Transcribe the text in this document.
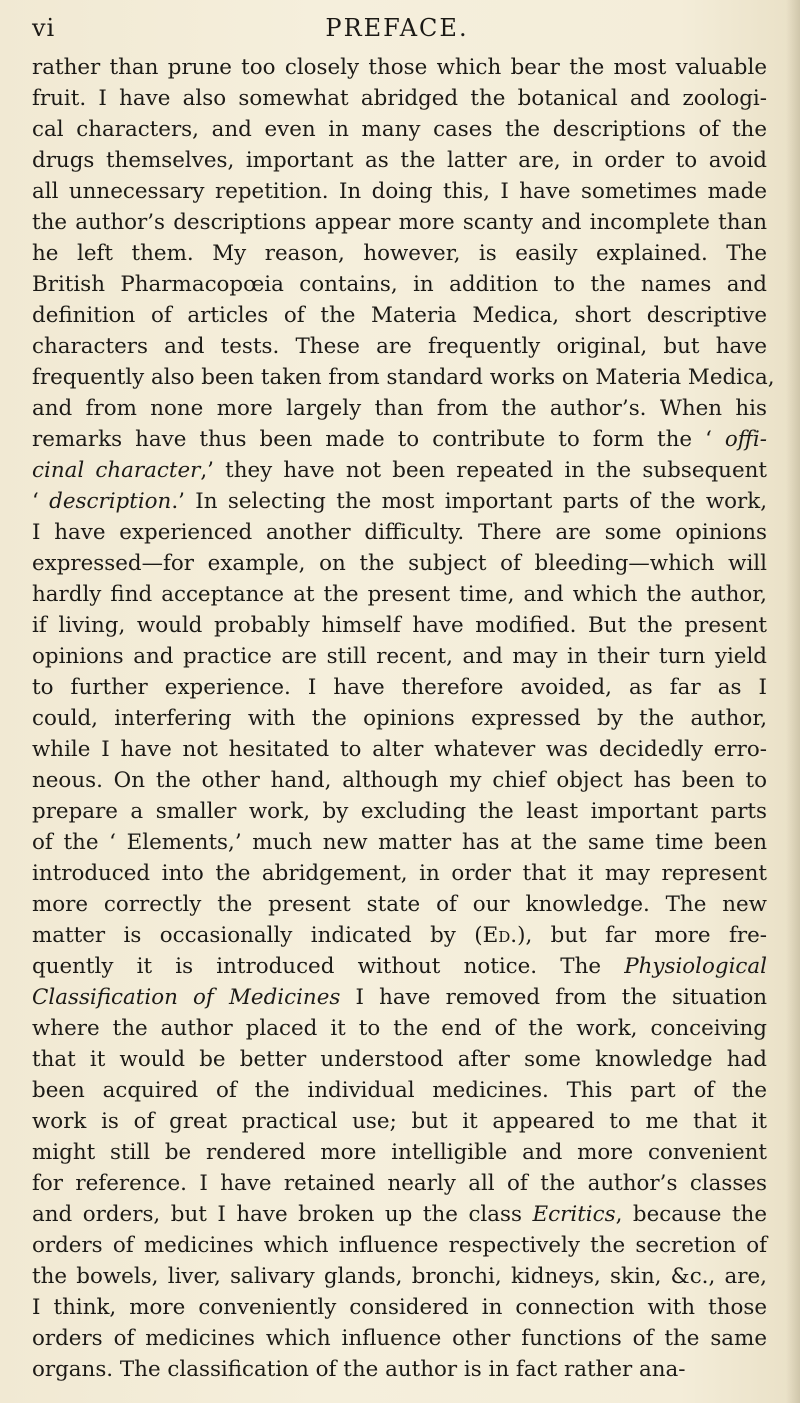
vi	PREFACE.
rather than prune too closely those which bear the most valuable
fruit. I have also somewhat abridged the botanical and zoologi-
cal characters, and even in many cases the descriptions of the
drugs themselves, important as the latter are, in order to avoid
all unnecessary repetition. In doing this, I have sometimes made
the author’s descriptions appear more scanty and incomplete than
he left them. My reason, however, is easily explained. The
British Pharmacopœia contains, in addition to the names and
definition of articles of the Materia Medica, short descriptive
characters and tests. These are frequently original, but have
frequently also been taken from standard works on Materia Medica,
and from none more largely than from the author’s. When his
remarks have thus been made to contribute to form the ‘ offi-
cinal character,’ they have not been repeated in the subsequent
‘ description.’ In selecting the most important parts of the work,
I have experienced another difficulty. There are some opinions
expressed—for example, on the subject of bleeding—which will
hardly find acceptance at the present time, and which the author,
if living, would probably himself have modified. But the present
opinions and practice are still recent, and may in their turn yield
to further experience. I have therefore avoided, as far as I
could, interfering with the opinions expressed by the author,
while I have not hesitated to alter whatever was decidedly erro-
neous. On the other hand, although my chief object has been to
prepare a smaller work, by excluding the least important parts
of the ‘ Elements,’ much new matter has at the same time been
introduced into the abridgement, in order that it may represent
more correctly the present state of our knowledge. The new
matter is occasionally indicated by (Ed.), but far more fre-
quently it is introduced without notice. The Physiological
Classification of Medicines I have removed from the situation
where the author placed it to the end of the work, conceiving
that it would be better understood after some knowledge had
been acquired of the individual medicines. This part of the
work is of great practical use; but it appeared to me that it
might still be rendered more intelligible and more convenient
for reference. I have retained nearly all of the author’s classes
and orders, but I have broken up the class Ecritics, because the
orders of medicines which influence respectively the secretion of
the bowels, liver, salivary glands, bronchi, kidneys, skin, &c., are,
I think, more conveniently considered in connection with those
orders of medicines which influence other functions of the same
organs. The classification of the author is in fact rather ana-
